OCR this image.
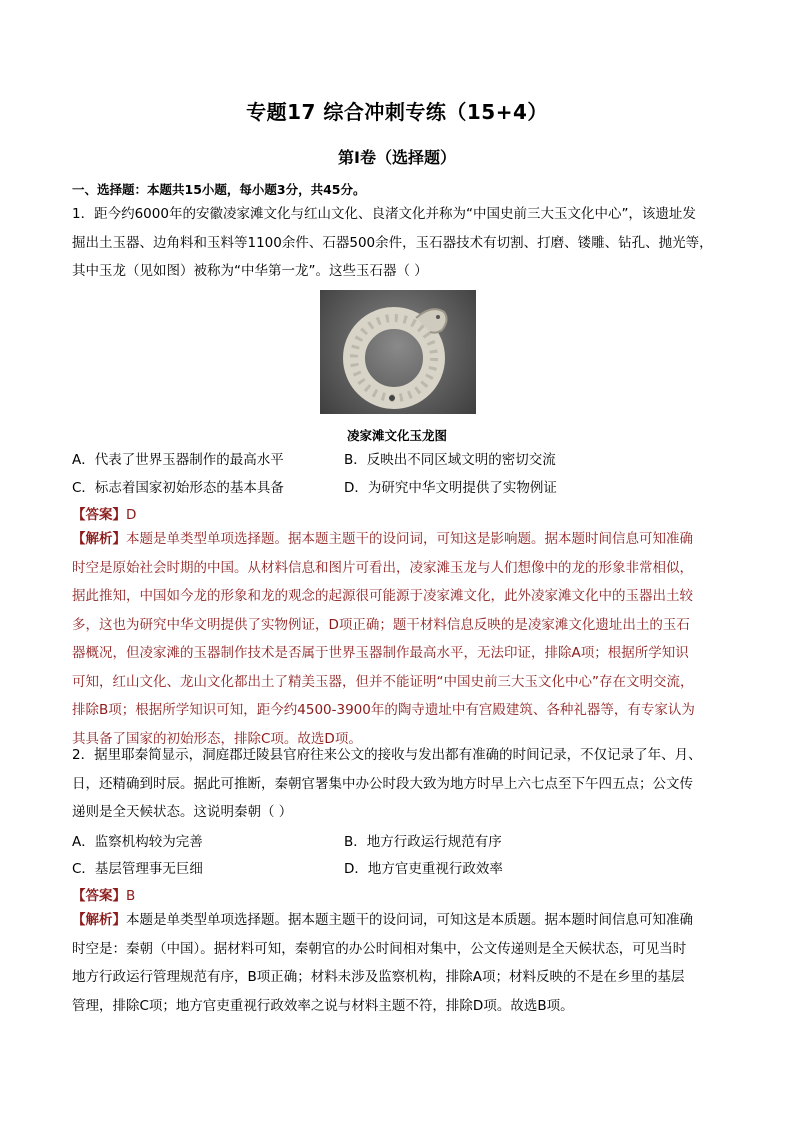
专题17 综合冲刺专练（15+4）
第Ⅰ卷（选择题）
一、选择题：本题共15小题，每小题3分，共45分。
1．距今约6000年的安徽凌家滩文化与红山文化、良渚文化并称为“中国史前三大玉文化中心”，该遗址发
掘出土玉器、边角料和玉料等1100余件、石器500余件，玉石器技术有切割、打磨、镂雕、钻孔、抛光等，
其中玉龙（见如图）被称为“中华第一龙”。这些玉石器（ ）
凌家滩文化玉龙图
A．代表了世界玉器制作的最高水平	B．反映出不同区域文明的密切交流
C．标志着国家初始形态的基本具备	D．为研究中华文明提供了实物例证
【答案】D
【解析】本题是单类型单项选择题。据本题主题干的设问词，可知这是影响题。据本题时间信息可知准确
时空是原始社会时期的中国。从材料信息和图片可看出，凌家滩玉龙与人们想像中的龙的形象非常相似，
据此推知，中国如今龙的形象和龙的观念的起源很可能源于凌家滩文化，此外凌家滩文化中的玉器出土较
多，这也为研究中华文明提供了实物例证，D项正确；题干材料信息反映的是凌家滩文化遗址出土的玉石
器概况，但凌家滩的玉器制作技术是否属于世界玉器制作最高水平，无法印证，排除A项；根据所学知识
可知，红山文化、龙山文化都出土了精美玉器，但并不能证明“中国史前三大玉文化中心”存在文明交流，
排除B项；根据所学知识可知，距今约4500-3900年的陶寺遗址中有宫殿建筑、各种礼器等，有专家认为
其具备了国家的初始形态，排除C项。故选D项。
2．据里耶秦简显示，洞庭郡迁陵县官府往来公文的接收与发出都有准确的时间记录，不仅记录了年、月、
日，还精确到时辰。据此可推断，秦朝官署集中办公时段大致为地方时早上六七点至下午四五点；公文传
递则是全天候状态。这说明秦朝（ ）
A．监察机构较为完善	B．地方行政运行规范有序
C．基层管理事无巨细	D．地方官吏重视行政效率
【答案】B
【解析】本题是单类型单项选择题。据本题主题干的设问词，可知这是本质题。据本题时间信息可知准确
时空是：秦朝（中国）。据材料可知，秦朝官的办公时间相对集中，公文传递则是全天候状态，可见当时
地方行政运行管理规范有序，B项正确；材料未涉及监察机构，排除A项；材料反映的不是在乡里的基层
管理，排除C项；地方官吏重视行政效率之说与材料主题不符，排除D项。故选B项。
